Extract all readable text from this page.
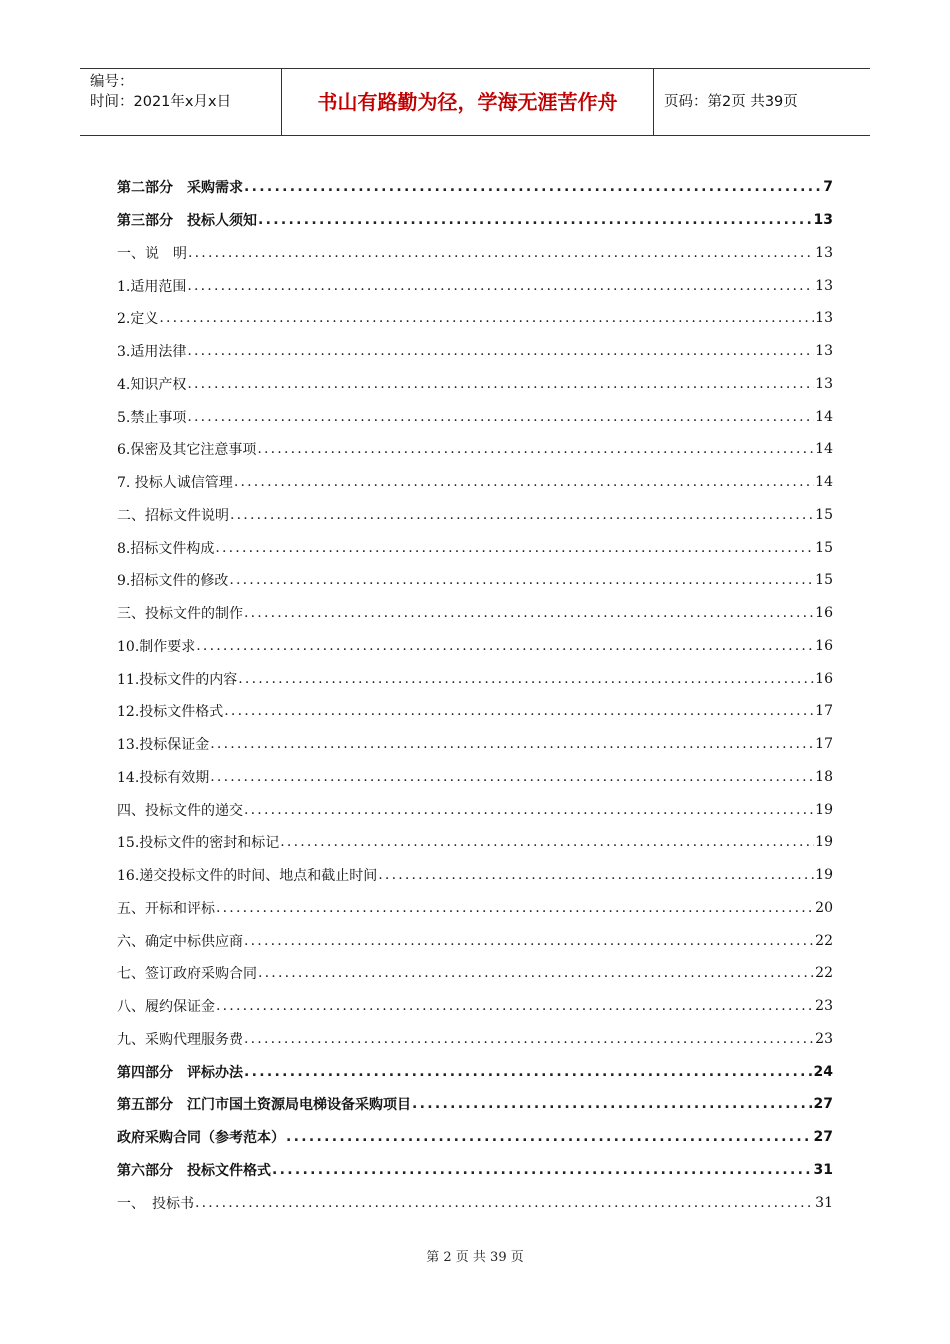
编号：
时间：2021年x月x日	书山有路勤为径，学海无涯苦作舟	页码：第2页 共39页
第二部分　采购需求 .....	7
第三部分　投标人须知 .....	13
一、说　明 .....	13
1.适用范围 .....	13
2.定义 .....	13
3.适用法律 .....	13
4.知识产权 .....	13
5.禁止事项 .....	14
6.保密及其它注意事项 .....	14
7. 投标人诚信管理 .....	14
二、招标文件说明 .....	15
8.招标文件构成 .....	15
9.招标文件的修改 .....	15
三、投标文件的制作 .....	16
10.制作要求 .....	16
11.投标文件的内容 .....	16
12.投标文件格式 .....	17
13.投标保证金 .....	17
14.投标有效期 .....	18
四、投标文件的递交 .....	19
15.投标文件的密封和标记 .....	19
16.递交投标文件的时间、地点和截止时间 .....	19
五、开标和评标 .....	20
六、确定中标供应商 .....	22
七、签订政府采购合同 .....	22
八、履约保证金 .....	23
九、采购代理服务费 .....	23
第四部分　评标办法 .....	24
第五部分　江门市国土资源局电梯设备采购项目 .....	27
政府采购合同（参考范本） .....	27
第六部分　投标文件格式 .....	31
一、　投标书 .....	31
第 2 页 共 39 页
